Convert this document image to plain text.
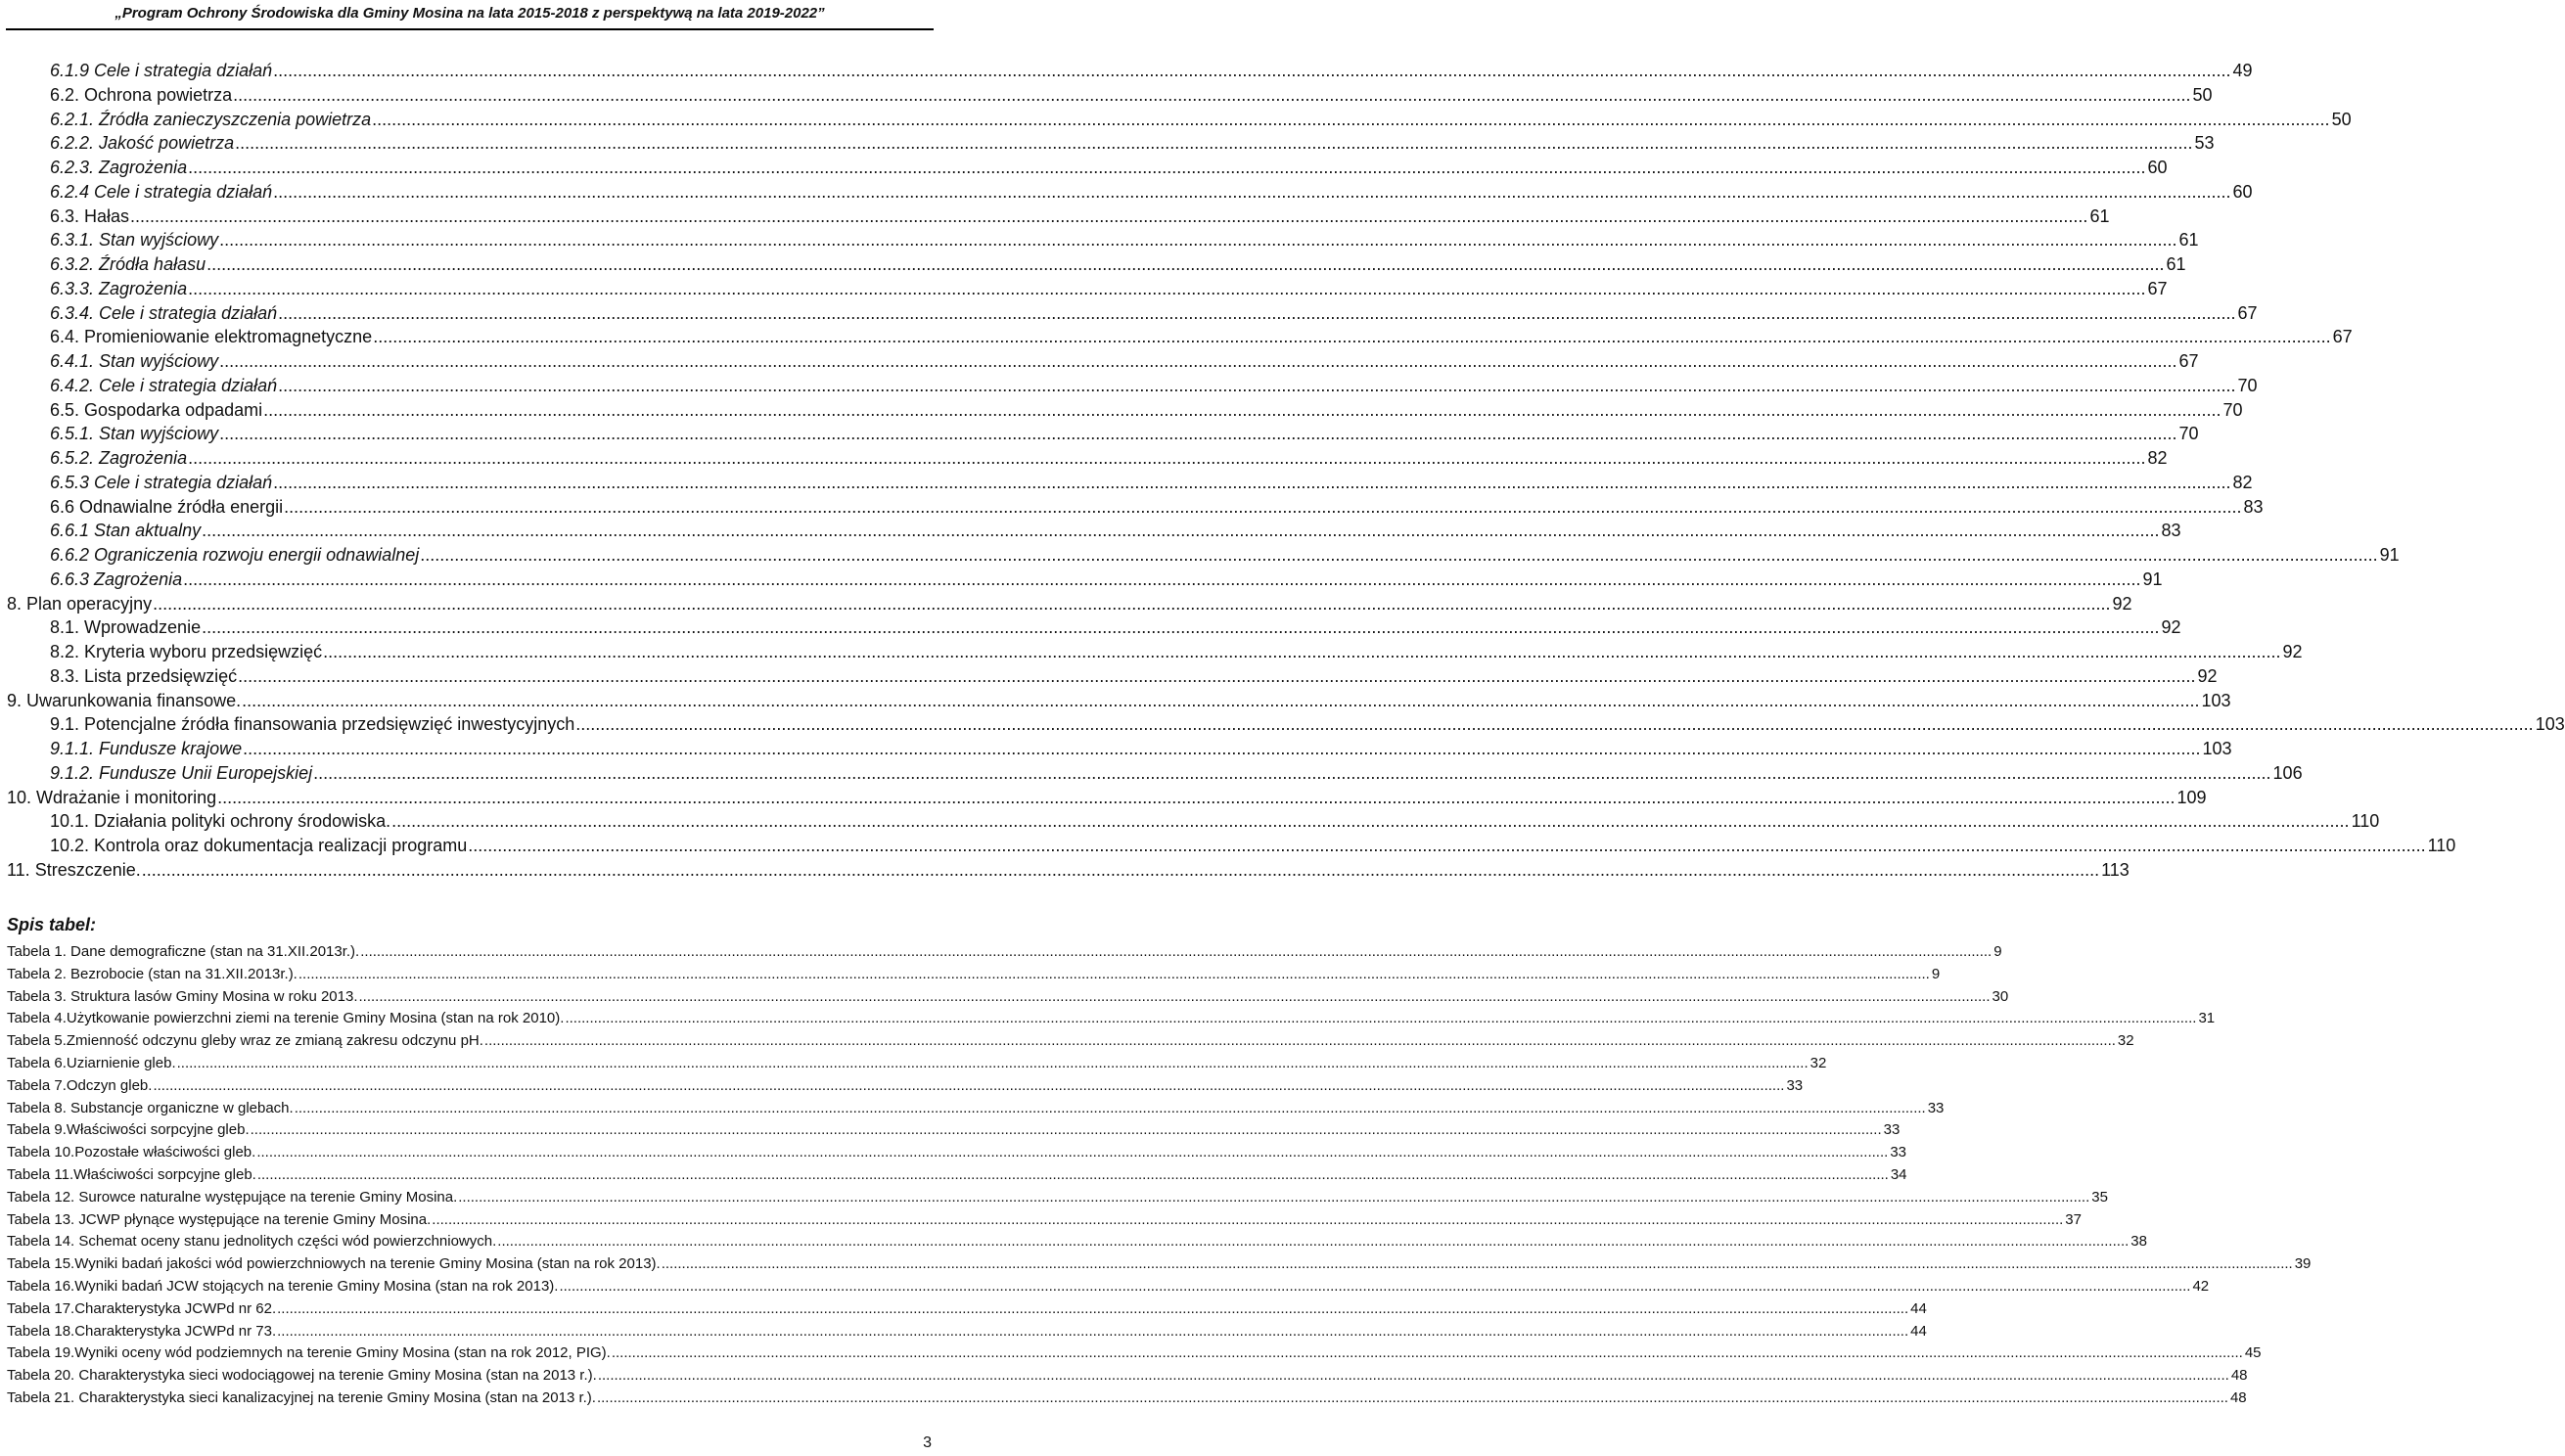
„Program Ochrony Środowiska dla Gminy Mosina na lata 2015-2018 z perspektywą na lata 2019-2022”
6.1.9 Cele i strategia działań ................................................................................................................................................................................................................................................................................................................................................................................................................ 49
6.2. Ochrona powietrza ................................................................................................................................................................................................................................................................................................................................................................................................................ 50
6.2.1. Źródła zanieczyszczenia powietrza ................................................................................................................................................................................................................................................................................................................................................................................................................ 50
6.2.2. Jakość powietrza ................................................................................................................................................................................................................................................................................................................................................................................................................ 53
6.2.3. Zagrożenia ................................................................................................................................................................................................................................................................................................................................................................................................................ 60
6.2.4 Cele i strategia działań ................................................................................................................................................................................................................................................................................................................................................................................................................ 60
6.3. Hałas ................................................................................................................................................................................................................................................................................................................................................................................................................ 61
6.3.1. Stan wyjściowy ................................................................................................................................................................................................................................................................................................................................................................................................................ 61
6.3.2. Źródła hałasu ................................................................................................................................................................................................................................................................................................................................................................................................................ 61
6.3.3. Zagrożenia ................................................................................................................................................................................................................................................................................................................................................................................................................ 67
6.3.4. Cele i strategia działań ................................................................................................................................................................................................................................................................................................................................................................................................................ 67
6.4. Promieniowanie elektromagnetyczne ................................................................................................................................................................................................................................................................................................................................................................................................................ 67
6.4.1. Stan wyjściowy ................................................................................................................................................................................................................................................................................................................................................................................................................ 67
6.4.2. Cele i strategia działań ................................................................................................................................................................................................................................................................................................................................................................................................................ 70
6.5. Gospodarka odpadami ................................................................................................................................................................................................................................................................................................................................................................................................................ 70
6.5.1. Stan wyjściowy ................................................................................................................................................................................................................................................................................................................................................................................................................ 70
6.5.2. Zagrożenia ................................................................................................................................................................................................................................................................................................................................................................................................................ 82
6.5.3 Cele i strategia działań ................................................................................................................................................................................................................................................................................................................................................................................................................ 82
6.6 Odnawialne źródła energii ................................................................................................................................................................................................................................................................................................................................................................................................................ 83
6.6.1 Stan aktualny ................................................................................................................................................................................................................................................................................................................................................................................................................ 83
6.6.2 Ograniczenia rozwoju energii odnawialnej ................................................................................................................................................................................................................................................................................................................................................................................................................ 91
6.6.3 Zagrożenia ................................................................................................................................................................................................................................................................................................................................................................................................................ 91
8. Plan operacyjny ................................................................................................................................................................................................................................................................................................................................................................................................................ 92
8.1. Wprowadzenie ................................................................................................................................................................................................................................................................................................................................................................................................................ 92
8.2. Kryteria wyboru przedsięwzięć ................................................................................................................................................................................................................................................................................................................................................................................................................ 92
8.3. Lista przedsięwzięć ................................................................................................................................................................................................................................................................................................................................................................................................................ 92
9. Uwarunkowania finansowe. ................................................................................................................................................................................................................................................................................................................................................................................................................ 103
9.1. Potencjalne źródła finansowania przedsięwzięć inwestycyjnych ................................................................................................................................................................................................................................................................................................................................................................................................................ 103
9.1.1. Fundusze krajowe ................................................................................................................................................................................................................................................................................................................................................................................................................ 103
9.1.2. Fundusze Unii Europejskiej ................................................................................................................................................................................................................................................................................................................................................................................................................ 106
10. Wdrażanie i monitoring ................................................................................................................................................................................................................................................................................................................................................................................................................ 109
10.1. Działania polityki ochrony środowiska. ................................................................................................................................................................................................................................................................................................................................................................................................................ 110
10.2. Kontrola oraz dokumentacja realizacji programu ................................................................................................................................................................................................................................................................................................................................................................................................................ 110
11. Streszczenie. ................................................................................................................................................................................................................................................................................................................................................................................................................ 113
Spis tabel:
Tabela 1. Dane demograficzne (stan na 31.XII.2013r.). ................................................................................................................................................................................................................................................................................................................................................................................................................ 9
Tabela 2. Bezrobocie (stan na 31.XII.2013r.). ................................................................................................................................................................................................................................................................................................................................................................................................................ 9
Tabela 3. Struktura lasów Gminy Mosina w roku 2013. ................................................................................................................................................................................................................................................................................................................................................................................................................ 30
Tabela 4.Użytkowanie powierzchni ziemi na terenie Gminy Mosina (stan na rok 2010). ................................................................................................................................................................................................................................................................................................................................................................................................................ 31
Tabela 5.Zmienność odczynu gleby wraz ze zmianą zakresu odczynu pH. ................................................................................................................................................................................................................................................................................................................................................................................................................ 32
Tabela 6.Uziarnienie gleb. ................................................................................................................................................................................................................................................................................................................................................................................................................ 32
Tabela 7.Odczyn gleb. ................................................................................................................................................................................................................................................................................................................................................................................................................ 33
Tabela 8. Substancje organiczne w glebach. ................................................................................................................................................................................................................................................................................................................................................................................................................ 33
Tabela 9.Właściwości sorpcyjne gleb. ................................................................................................................................................................................................................................................................................................................................................................................................................ 33
Tabela 10.Pozostałe właściwości gleb. ................................................................................................................................................................................................................................................................................................................................................................................................................ 33
Tabela 11.Właściwości sorpcyjne gleb. ................................................................................................................................................................................................................................................................................................................................................................................................................ 34
Tabela 12. Surowce naturalne występujące na terenie Gminy Mosina. ................................................................................................................................................................................................................................................................................................................................................................................................................ 35
Tabela 13. JCWP płynące występujące na terenie Gminy Mosina. ................................................................................................................................................................................................................................................................................................................................................................................................................ 37
Tabela 14. Schemat oceny stanu jednolitych części wód powierzchniowych. ................................................................................................................................................................................................................................................................................................................................................................................................................ 38
Tabela 15.Wyniki badań jakości wód powierzchniowych na terenie Gminy Mosina (stan na rok 2013). ................................................................................................................................................................................................................................................................................................................................................................................................................ 39
Tabela 16.Wyniki badań JCW stojących na terenie Gminy Mosina (stan na rok 2013). ................................................................................................................................................................................................................................................................................................................................................................................................................ 42
Tabela 17.Charakterystyka JCWPd nr 62. ................................................................................................................................................................................................................................................................................................................................................................................................................ 44
Tabela 18.Charakterystyka JCWPd nr 73. ................................................................................................................................................................................................................................................................................................................................................................................................................ 44
Tabela 19.Wyniki oceny wód podziemnych na terenie Gminy Mosina (stan na rok 2012, PIG). ................................................................................................................................................................................................................................................................................................................................................................................................................ 45
Tabela 20. Charakterystyka sieci wodociągowej na terenie Gminy Mosina (stan na 2013 r.). ................................................................................................................................................................................................................................................................................................................................................................................................................ 48
Tabela 21. Charakterystyka sieci kanalizacyjnej na terenie Gminy Mosina (stan na 2013 r.). ................................................................................................................................................................................................................................................................................................................................................................................................................ 48
3
